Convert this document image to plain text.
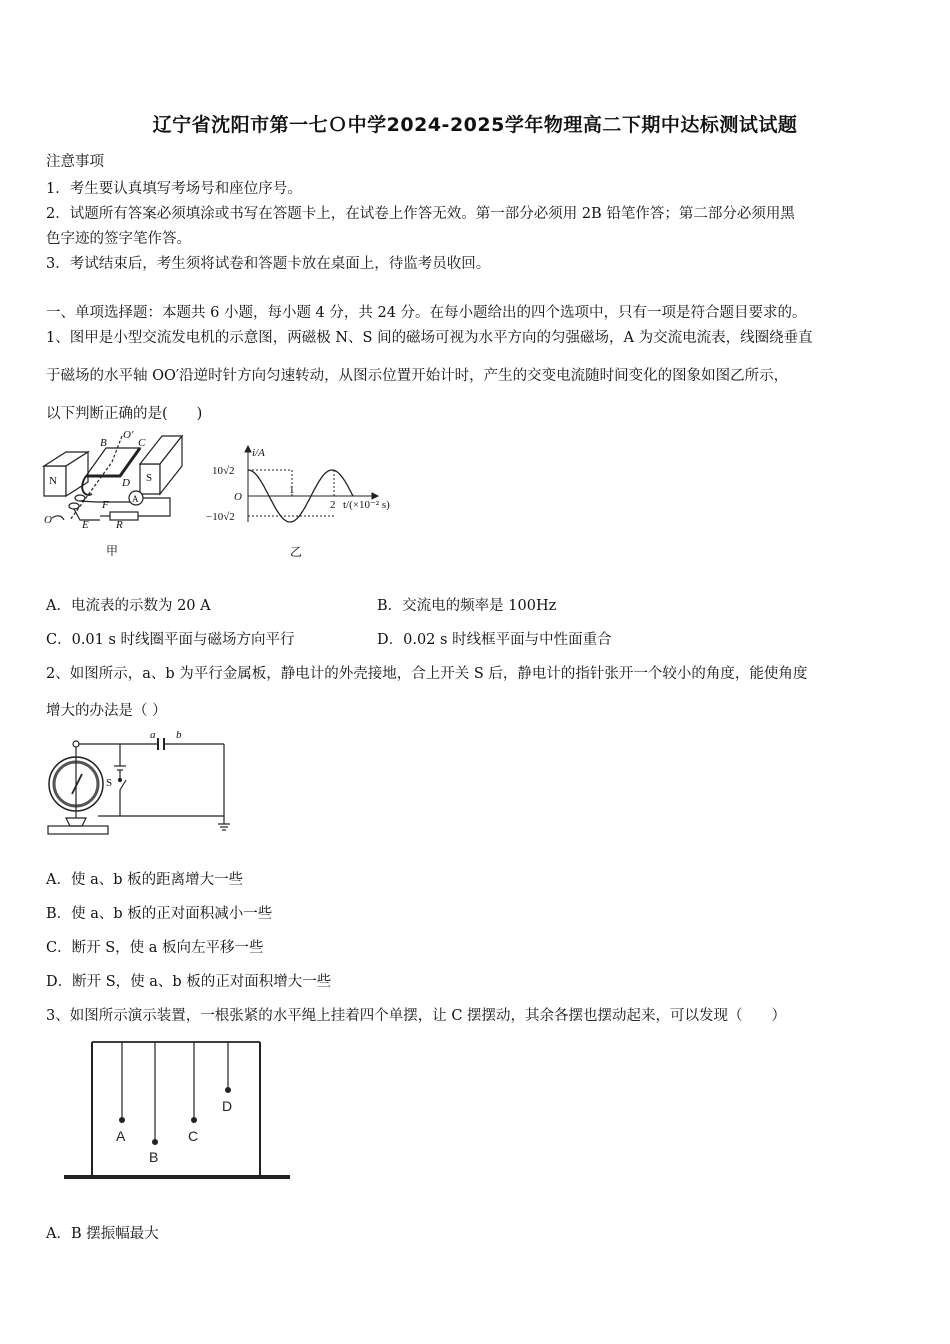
辽宁省沈阳市第一七Ｏ中学2024-2025学年物理高二下期中达标测试试题
注意事项
1．考生要认真填写考场号和座位序号。
2．试题所有答案必须填涂或书写在答题卡上，在试卷上作答无效。第一部分必须用 2B 铅笔作答；第二部分必须用黑
色字迹的签字笔作答。
3．考试结束后，考生须将试卷和答题卡放在桌面上，待监考员收回。
一、单项选择题：本题共 6 小题，每小题 4 分，共 24 分。在每小题给出的四个选项中，只有一项是符合题目要求的。
1、图甲是小型交流发电机的示意图，两磁极 N、S 间的磁场可视为水平方向的匀强磁场，A 为交流电流表，线圈绕垂直
于磁场的水平轴 OO′沿逆时针方向匀速转动，从图示位置开始计时，产生的交变电流随时间变化的图象如图乙所示，
以下判断正确的是(　　)
N	S
B	C
O′
D
F
E R
A
O
甲
i/A
10√2
O
−10√2
1
2 t/(×10⁻² s)
乙
A．电流表的示数为 20 A	B．交流电的频率是 100Hz
C．0.01 s 时线圈平面与磁场方向平行	D．0.02 s 时线框平面与中性面重合
2、如图所示，a、b 为平行金属板，静电计的外壳接地，合上开关 S 后，静电计的指针张开一个较小的角度，能使角度
增大的办法是（ ）
a b
S
A．使 a、b 板的距离增大一些
B．使 a、b 板的正对面积减小一些
C．断开 S，使 a 板向左平移一些
D．断开 S，使 a、b 板的正对面积增大一些
3、如图所示演示装置，一根张紧的水平绳上挂着四个单摆，让 C 摆摆动，其余各摆也摆动起来，可以发现（　　）
A
B
C
D
A．B 摆振幅最大
